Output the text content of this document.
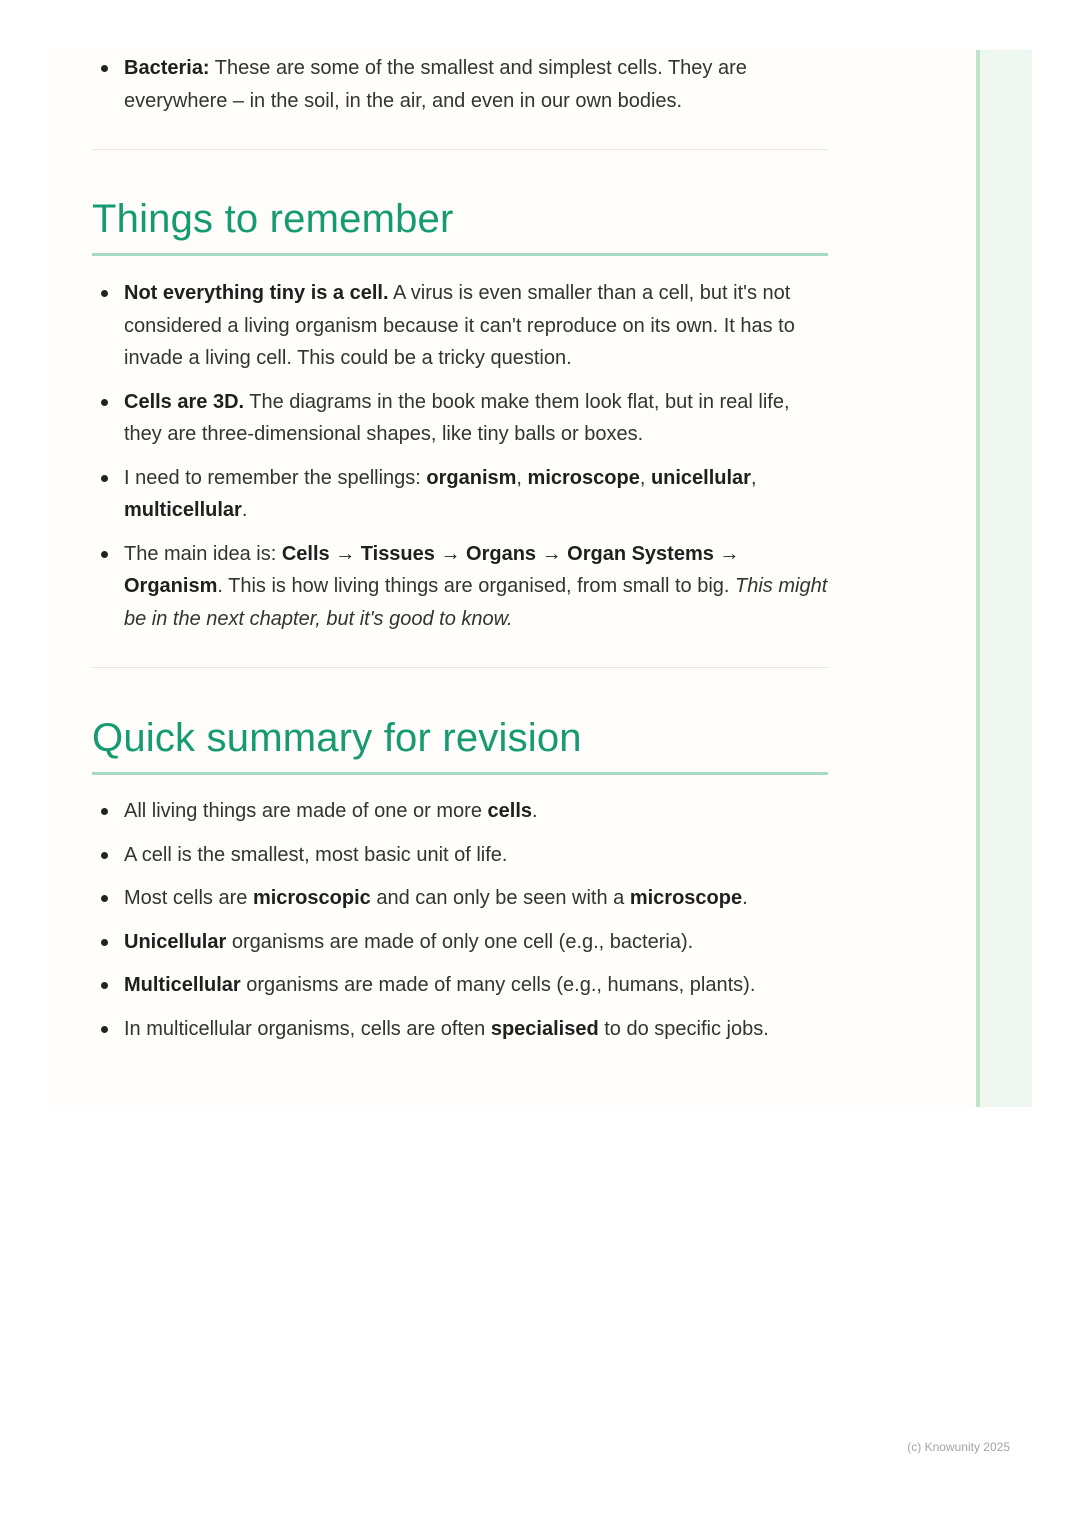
Bacteria: These are some of the smallest and simplest cells. They are everywhere – in the soil, in the air, and even in our own bodies.
Things to remember
Not everything tiny is a cell. A virus is even smaller than a cell, but it's not considered a living organism because it can't reproduce on its own. It has to invade a living cell. This could be a tricky question.
Cells are 3D. The diagrams in the book make them look flat, but in real life, they are three-dimensional shapes, like tiny balls or boxes.
I need to remember the spellings: organism, microscope, unicellular, multicellular.
The main idea is: Cells → Tissues → Organs → Organ Systems → Organism. This is how living things are organised, from small to big. This might be in the next chapter, but it's good to know.
Quick summary for revision
All living things are made of one or more cells.
A cell is the smallest, most basic unit of life.
Most cells are microscopic and can only be seen with a microscope.
Unicellular organisms are made of only one cell (e.g., bacteria).
Multicellular organisms are made of many cells (e.g., humans, plants).
In multicellular organisms, cells are often specialised to do specific jobs.
(c) Knowunity 2025
